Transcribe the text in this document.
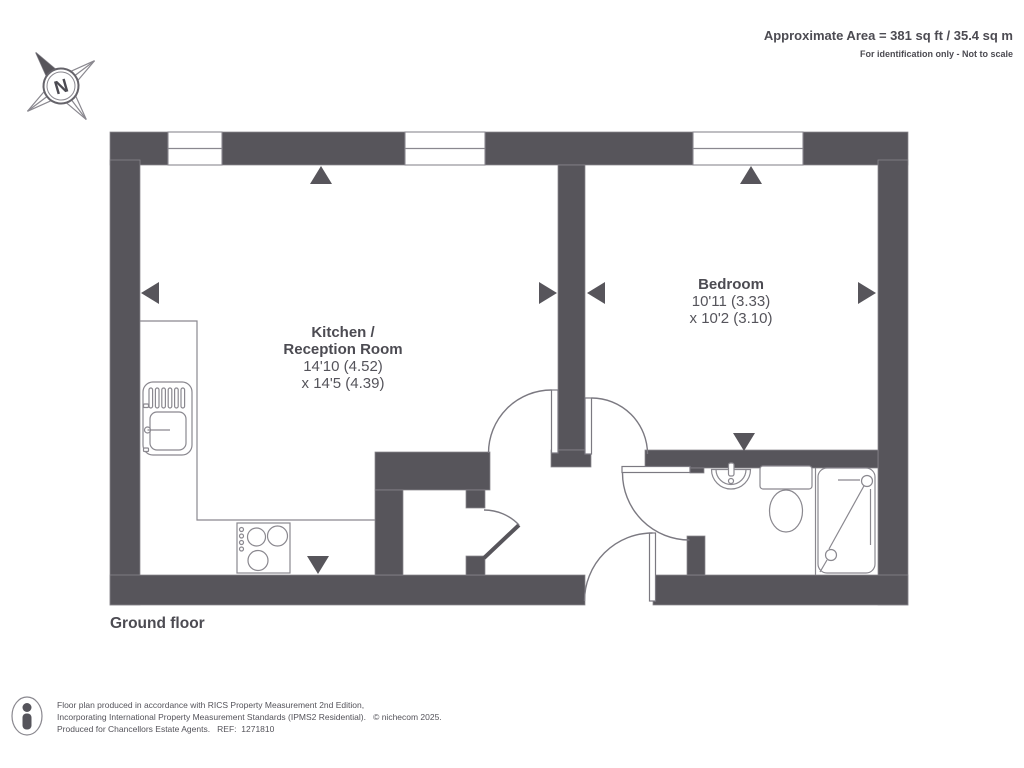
N
Approximate Area = 381 sq ft / 35.4 sq m
For identification only - Not to scale
Kitchen /
Reception Room
14'10 (4.52)
x 14'5 (4.39)
Bedroom
10'11 (3.33)
x 10'2 (3.10)
Ground floor
Floor plan produced in accordance with RICS Property Measurement 2nd Edition,
Incorporating International Property Measurement Standards (IPMS2 Residential).   © nichecom 2025.
Produced for Chancellors Estate Agents.   REF:  1271810
